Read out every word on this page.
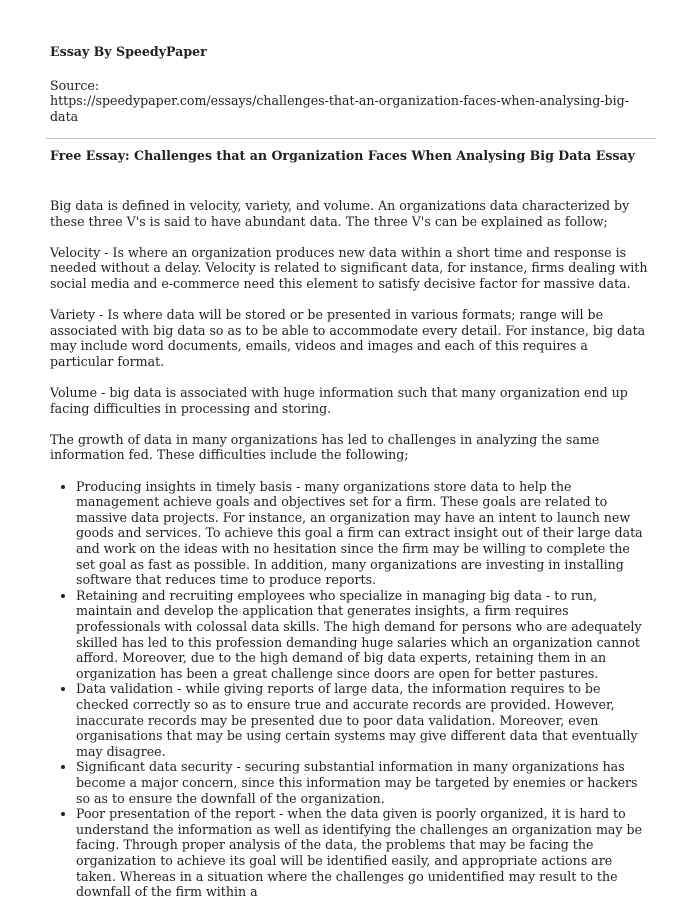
Essay By SpeedyPaper
Source:
https://speedypaper.com/essays/challenges-that-an-organization-faces-when-analysing-big-data
Free Essay: Challenges that an Organization Faces When Analysing Big Data Essay

Big data is defined in velocity, variety, and volume. An organizations data characterized by these three V's is said to have abundant data. The three V's can be explained as follow;

Velocity - Is where an organization produces new data within a short time and response is needed without a delay. Velocity is related to significant data, for instance, firms dealing with social media and e-commerce need this element to satisfy decisive factor for massive data.

Variety - Is where data will be stored or be presented in various formats; range will be associated with big data so as to be able to accommodate every detail. For instance, big data may include word documents, emails, videos and images and each of this requires a particular format.

Volume - big data is associated with huge information such that many organization end up facing difficulties in processing and storing.

The growth of data in many organizations has led to challenges in analyzing the same information fed. These difficulties include the following;

• Producing insights in timely basis - many organizations store data to help the management achieve goals and objectives set for a firm. These goals are related to massive data projects. For instance, an organization may have an intent to launch new goods and services. To achieve this goal a firm can extract insight out of their large data and work on the ideas with no hesitation since the firm may be willing to complete the set goal as fast as possible. In addition, many organizations are investing in installing software that reduces time to produce reports.
• Retaining and recruiting employees who specialize in managing big data - to run, maintain and develop the application that generates insights, a firm requires professionals with colossal data skills. The high demand for persons who are adequately skilled has led to this profession demanding huge salaries which an organization cannot afford. Moreover, due to the high demand of big data experts, retaining them in an organization has been a great challenge since doors are open for better pastures.
• Data validation - while giving reports of large data, the information requires to be checked correctly so as to ensure true and accurate records are provided. However, inaccurate records may be presented due to poor data validation. Moreover, even organisations that may be using certain systems may give different data that eventually may disagree.
• Significant data security - securing substantial information in many organizations has become a major concern, since this information may be targeted by enemies or hackers so as to ensure the downfall of the organization.
• Poor presentation of the report - when the data given is poorly organized, it is hard to understand the information as well as identifying the challenges an organization may be facing. Through proper analysis of the data, the problems that may be facing the organization to achieve its goal will be identified easily, and appropriate actions are taken. Whereas in a situation where the challenges go unidentified may result to the downfall of the firm within a
